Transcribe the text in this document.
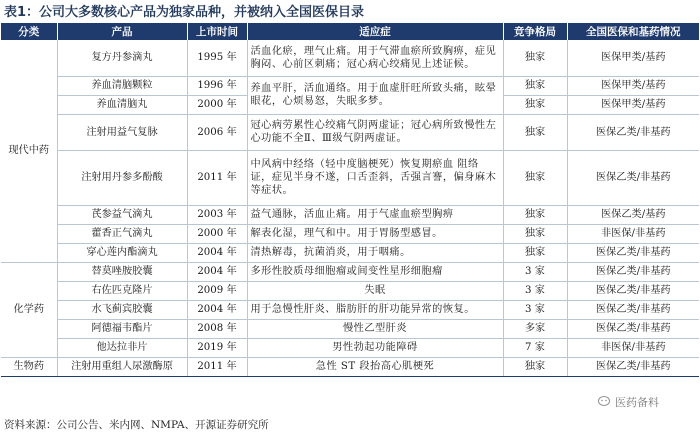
表1：公司大多数核心产品为独家品种，并被纳入全国医保目录
分类	产品	上市时间	适应症	竞争格局	全国医保和基药情况
现代中药	复方丹参滴丸	1995 年	活血化瘀，理气止痛。用于气滞血瘀所致胸痹，症见胸闷、心前区刺痛；冠心病心绞痛见上述证候。	独家	医保甲类/基药
	养血清脑颗粒	1996 年	养血平肝，活血通络。用于血虚肝旺所致头痛，眩晕眼花，心烦易怒，失眠多梦。	独家	医保甲类/基药
	养血清脑丸	2000 年		独家	医保甲类/基药
	注射用益气复脉	2006 年	冠心病劳累性心绞痛气阴两虚证；冠心病所致慢性左心功能不全Ⅱ、Ⅲ级气阴两虚证。	独家	医保乙类/非基药
	注射用丹参多酚酸	2011 年	中风病中经络（轻中度脑梗死）恢复期瘀血 阻络证，症见半身不遂，口舌歪斜，舌强言謇，偏身麻木等症状。	独家	医保乙类/非基药
	芪参益气滴丸	2003 年	益气通脉，活血止痛。用于气虚血瘀型胸痹	独家	医保乙类/基药
	藿香正气滴丸	2000 年	解表化湿，理气和中。用于胃肠型感冒。	独家	非医保/非基药
	穿心莲内酯滴丸	2004 年	清热解毒，抗菌消炎，用于咽痛。	独家	医保乙类/非基药
化学药	替莫唑胺胶囊	2004 年	多形性胶质母细胞瘤或间变性星形细胞瘤	3 家	医保乙类/非基药
	右佐匹克隆片	2009 年	失眠	3 家	医保乙类/非基药
	水飞蓟宾胶囊	2004 年	用于急慢性肝炎、脂肪肝的肝功能异常的恢复。	3 家	医保乙类/非基药
	阿德福韦酯片	2008 年	慢性乙型肝炎	多家	医保乙类/非基药
	他达拉非片	2019 年	男性勃起功能障碍	7 家	非医保/非基药
生物药	注射用重组人尿激酶原	2011 年	急性 ST 段抬高心肌梗死	独家	医保乙类/非基药
医药备料
资料来源：公司公告、米内网、NMPA、开源证券研究所
